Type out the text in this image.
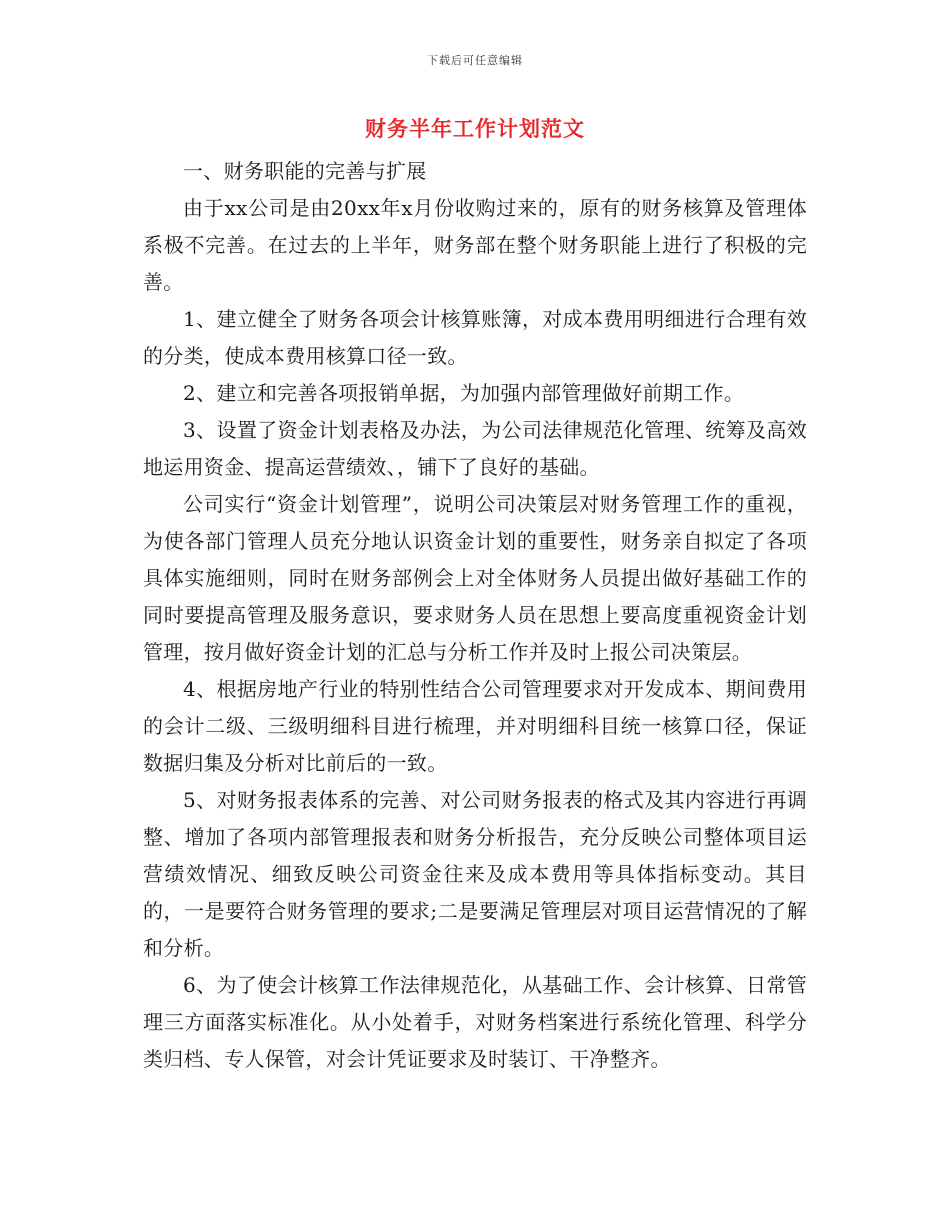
下载后可任意编辑
财务半年工作计划范文

一、财务职能的完善与扩展

由于xx公司是由20xx年x月份收购过来的，原有的财务核算及管理体系极不完善。在过去的上半年，财务部在整个财务职能上进行了积极的完善。

1、建立健全了财务各项会计核算账簿，对成本费用明细进行合理有效的分类，使成本费用核算口径一致。

2、建立和完善各项报销单据，为加强内部管理做好前期工作。

3、设置了资金计划表格及办法，为公司法律规范化管理、统筹及高效地运用资金、提高运营绩效、，铺下了良好的基础。

公司实行“资金计划管理”，说明公司决策层对财务管理工作的重视，为使各部门管理人员充分地认识资金计划的重要性，财务亲自拟定了各项具体实施细则，同时在财务部例会上对全体财务人员提出做好基础工作的同时要提高管理及服务意识，要求财务人员在思想上要高度重视资金计划管理，按月做好资金计划的汇总与分析工作并及时上报公司决策层。

4、根据房地产行业的特别性结合公司管理要求对开发成本、期间费用的会计二级、三级明细科目进行梳理，并对明细科目统一核算口径，保证数据归集及分析对比前后的一致。

5、对财务报表体系的完善、对公司财务报表的格式及其内容进行再调整、增加了各项内部管理报表和财务分析报告，充分反映公司整体项目运营绩效情况、细致反映公司资金往来及成本费用等具体指标变动。其目的，一是要符合财务管理的要求;二是要满足管理层对项目运营情况的了解和分析。

6、为了使会计核算工作法律规范化，从基础工作、会计核算、日常管理三方面落实标准化。从小处着手，对财务档案进行系统化管理、科学分类归档、专人保管，对会计凭证要求及时装订、干净整齐。
